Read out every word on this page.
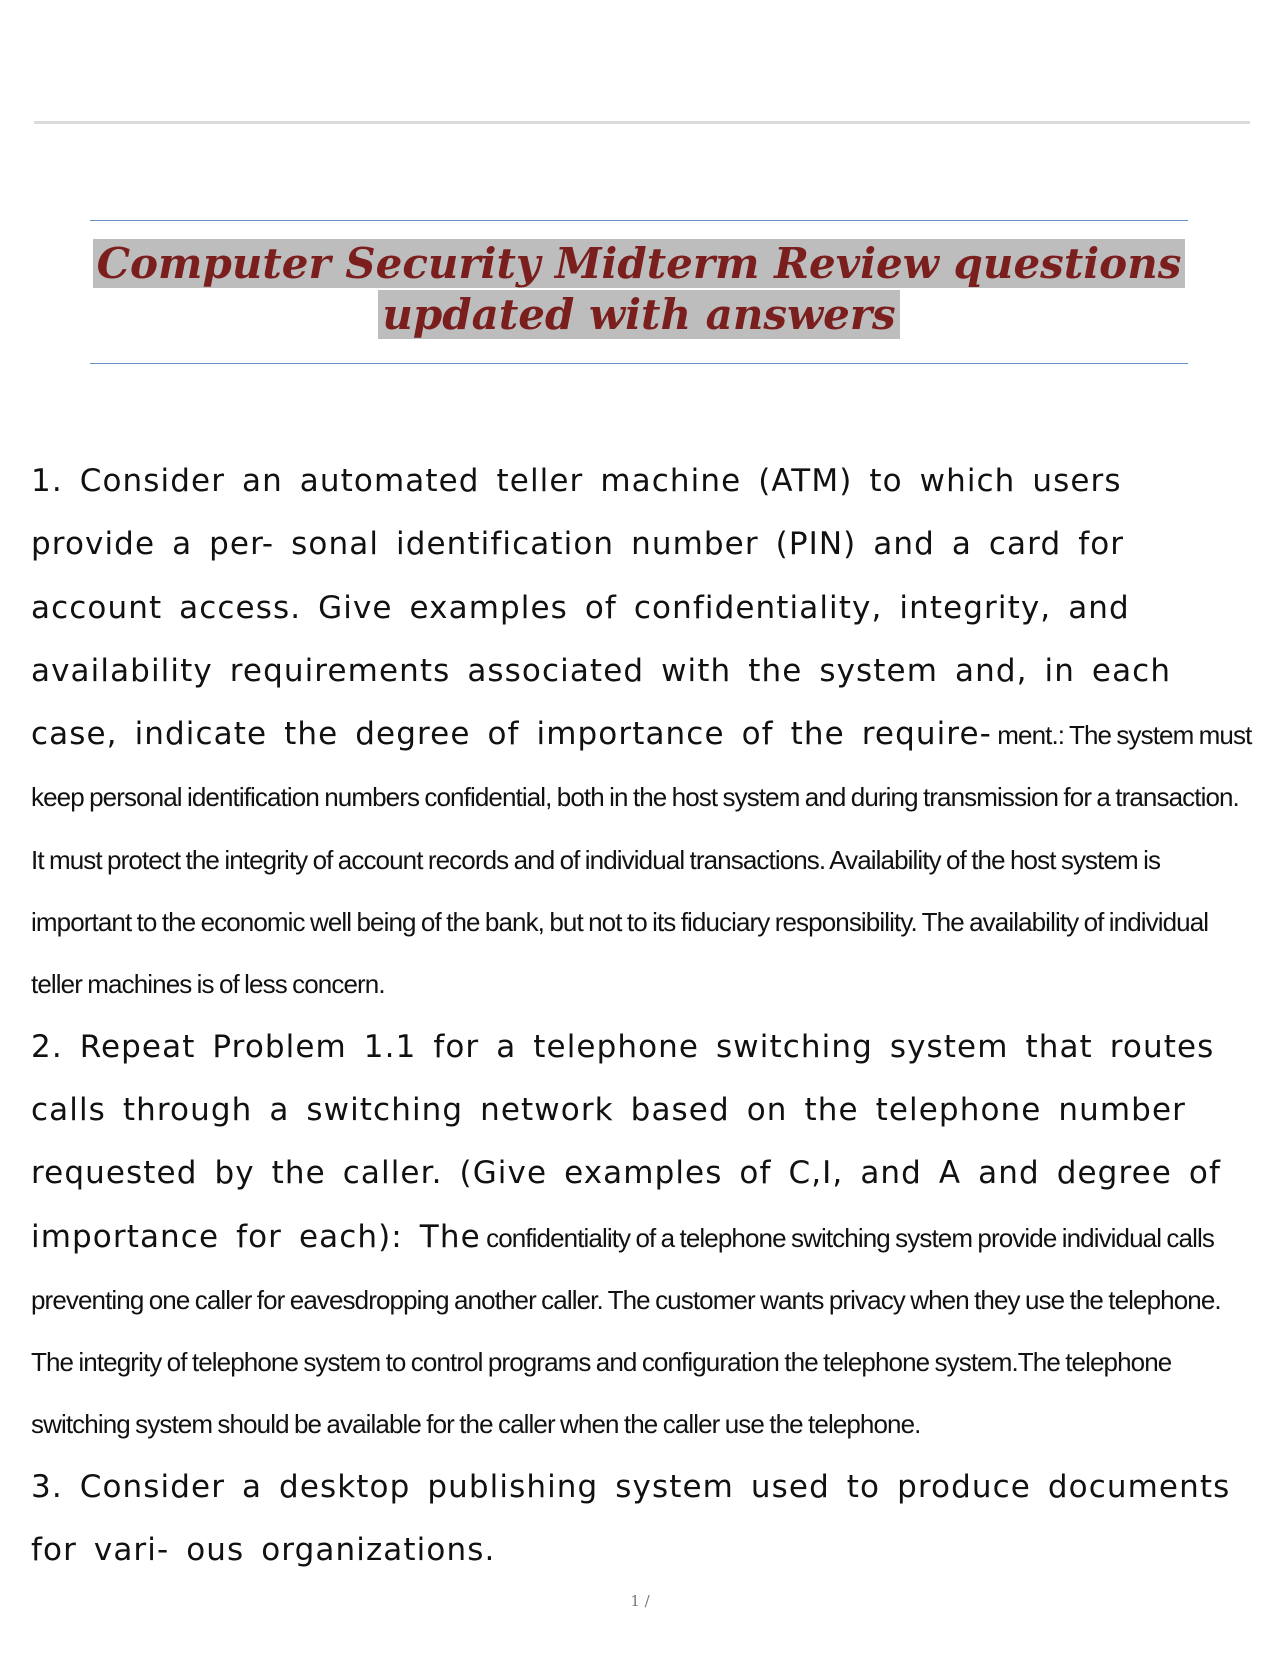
Computer Security Midterm Review questions
updated with answers

1. Consider an automated teller machine (ATM) to which users provide a per- sonal identification number (PIN) and a card for account access. Give examples of confidentiality, integrity, and availability requirements associated with the system and, in each case, indicate the degree of importance of the require- ment.: The system must keep personal identification numbers confidential, both in the host system and during transmission for a transaction. It must protect the integrity of account records and of individual transactions. Availability of the host system is important to the economic well being of the bank, but not to its fiduciary responsibility. The availability of individual teller machines is of less concern.

2. Repeat Problem 1.1 for a telephone switching system that routes calls through a switching network based on the telephone number requested by the caller. (Give examples of C,I, and A and degree of importance for each): The confidentiality of a telephone switching system provide individual calls preventing one caller for eavesdropping another caller. The customer wants privacy when they use the telephone. The integrity of telephone system to control programs and configuration the telephone system.The telephone switching system should be available for the caller when the caller use the telephone.

3. Consider a desktop publishing system used to produce documents for vari- ous organizations.

1 /
